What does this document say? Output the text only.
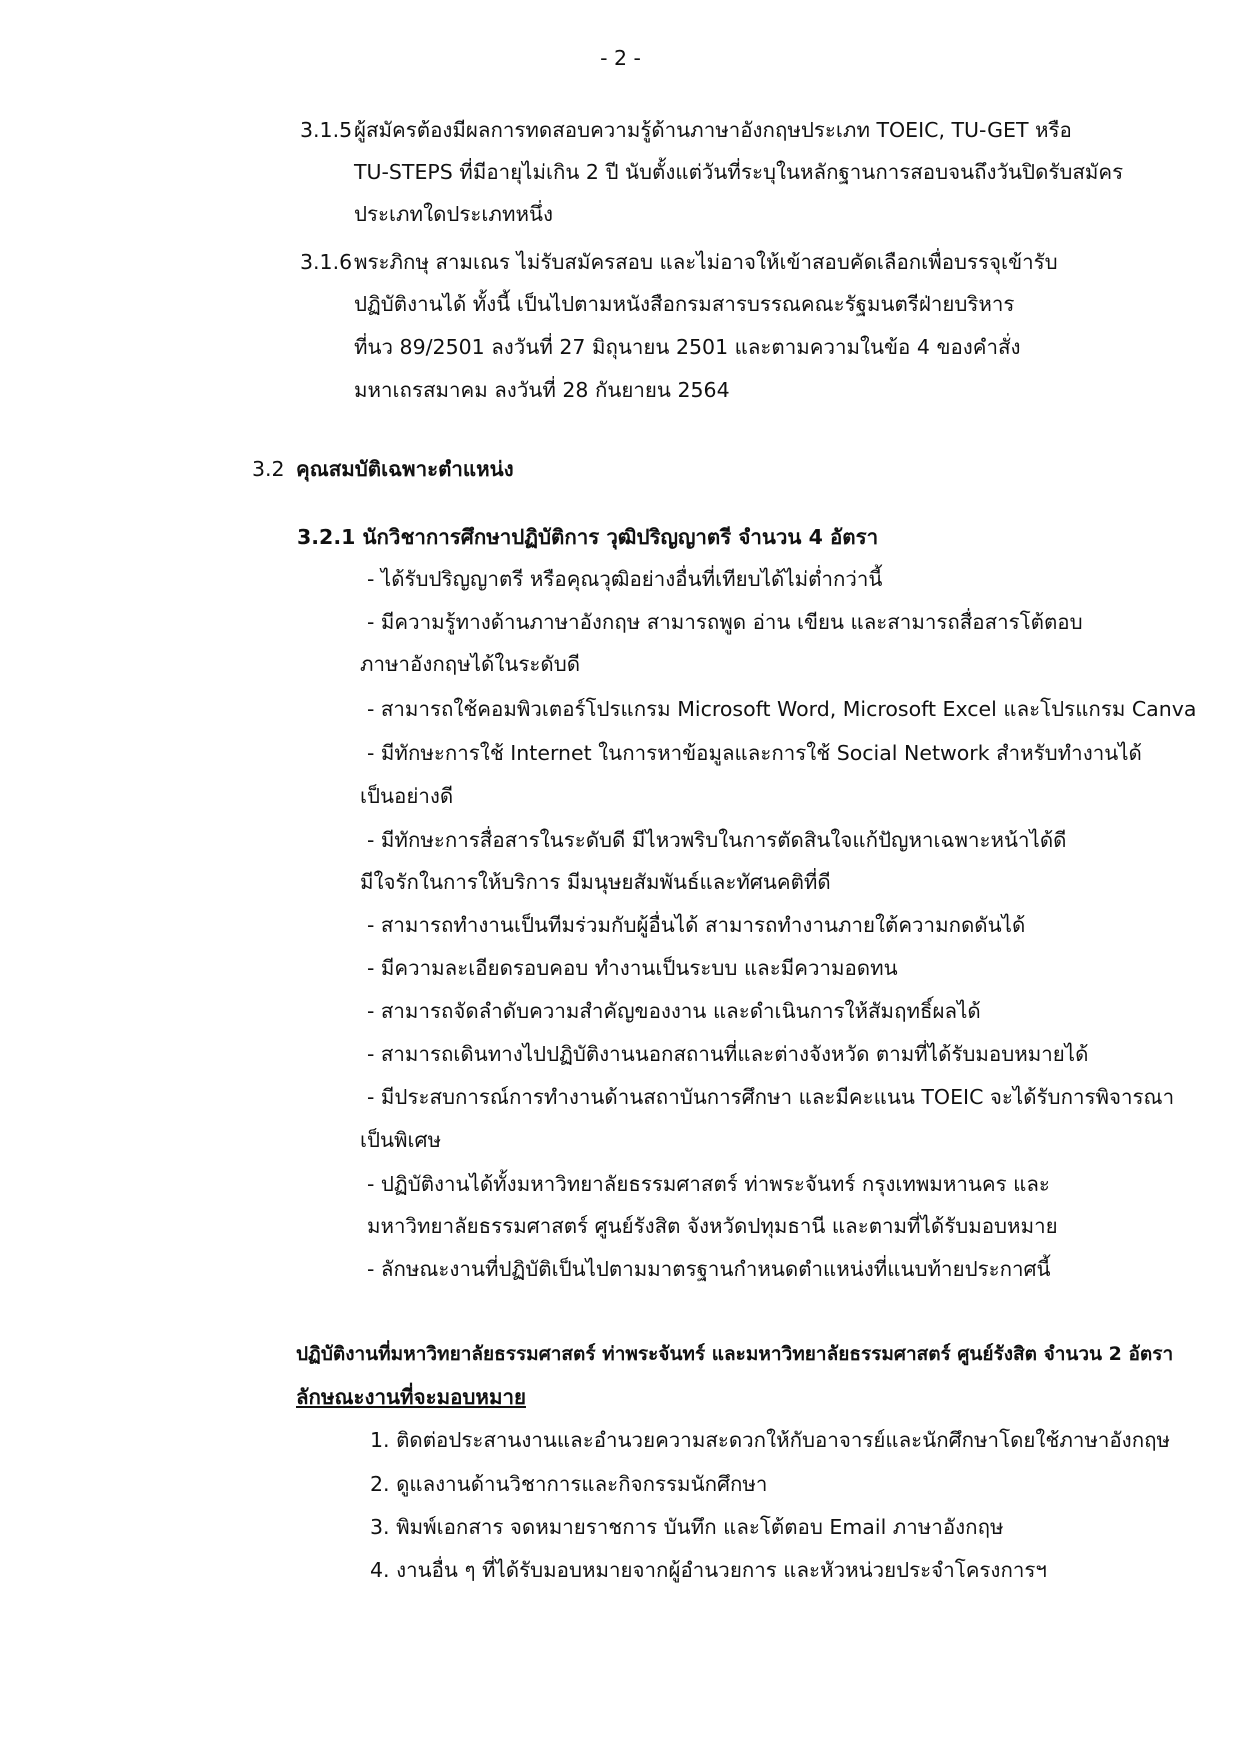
- 2 -
3.1.5ผู้สมัครต้องมีผลการทดสอบความรู้ด้านภาษาอังกฤษประเภท TOEIC, TU-GET หรือ
TU-STEPS ที่มีอายุไม่เกิน 2 ปี นับตั้งแต่วันที่ระบุในหลักฐานการสอบจนถึงวันปิดรับสมัคร
ประเภทใดประเภทหนึ่ง
3.1.6พระภิกษุ สามเณร ไม่รับสมัครสอบ และไม่อาจให้เข้าสอบคัดเลือกเพื่อบรรจุเข้ารับ
ปฏิบัติงานได้ ทั้งนี้ เป็นไปตามหนังสือกรมสารบรรณคณะรัฐมนตรีฝ่ายบริหาร
ที่นว 89/2501 ลงวันที่ 27 มิถุนายน 2501 และตามความในข้อ 4 ของคำสั่ง
มหาเถรสมาคม ลงวันที่ 28 กันยายน 2564
3.2 คุณสมบัติเฉพาะตำแหน่ง
3.2.1 นักวิชาการศึกษาปฏิบัติการ วุฒิปริญญาตรี จำนวน 4 อัตรา
- ได้รับปริญญาตรี หรือคุณวุฒิอย่างอื่นที่เทียบได้ไม่ต่ำกว่านี้
- มีความรู้ทางด้านภาษาอังกฤษ สามารถพูด อ่าน เขียน และสามารถสื่อสารโต้ตอบ
ภาษาอังกฤษได้ในระดับดี
- สามารถใช้คอมพิวเตอร์โปรแกรม Microsoft Word, Microsoft Excel และโปรแกรม Canva
- มีทักษะการใช้ Internet ในการหาข้อมูลและการใช้ Social Network สำหรับทำงานได้
เป็นอย่างดี
- มีทักษะการสื่อสารในระดับดี มีไหวพริบในการตัดสินใจแก้ปัญหาเฉพาะหน้าได้ดี
มีใจรักในการให้บริการ มีมนุษยสัมพันธ์และทัศนคติที่ดี
- สามารถทำงานเป็นทีมร่วมกับผู้อื่นได้ สามารถทำงานภายใต้ความกดดันได้
- มีความละเอียดรอบคอบ ทำงานเป็นระบบ และมีความอดทน
- สามารถจัดลำดับความสำคัญของงาน และดำเนินการให้สัมฤทธิ์ผลได้
- สามารถเดินทางไปปฏิบัติงานนอกสถานที่และต่างจังหวัด ตามที่ได้รับมอบหมายได้
- มีประสบการณ์การทำงานด้านสถาบันการศึกษา และมีคะแนน TOEIC จะได้รับการพิจารณา
เป็นพิเศษ
- ปฏิบัติงานได้ทั้งมหาวิทยาลัยธรรมศาสตร์ ท่าพระจันทร์ กรุงเทพมหานคร และ
มหาวิทยาลัยธรรมศาสตร์ ศูนย์รังสิต จังหวัดปทุมธานี และตามที่ได้รับมอบหมาย
- ลักษณะงานที่ปฏิบัติเป็นไปตามมาตรฐานกำหนดตำแหน่งที่แนบท้ายประกาศนี้
ปฏิบัติงานที่มหาวิทยาลัยธรรมศาสตร์ ท่าพระจันทร์ และมหาวิทยาลัยธรรมศาสตร์ ศูนย์รังสิต จำนวน 2 อัตรา
ลักษณะงานที่จะมอบหมาย
1. ติดต่อประสานงานและอำนวยความสะดวกให้กับอาจารย์และนักศึกษาโดยใช้ภาษาอังกฤษ
2. ดูแลงานด้านวิชาการและกิจกรรมนักศึกษา
3. พิมพ์เอกสาร จดหมายราชการ บันทึก และโต้ตอบ Email ภาษาอังกฤษ
4. งานอื่น ๆ ที่ได้รับมอบหมายจากผู้อำนวยการ และหัวหน่วยประจำโครงการฯ
